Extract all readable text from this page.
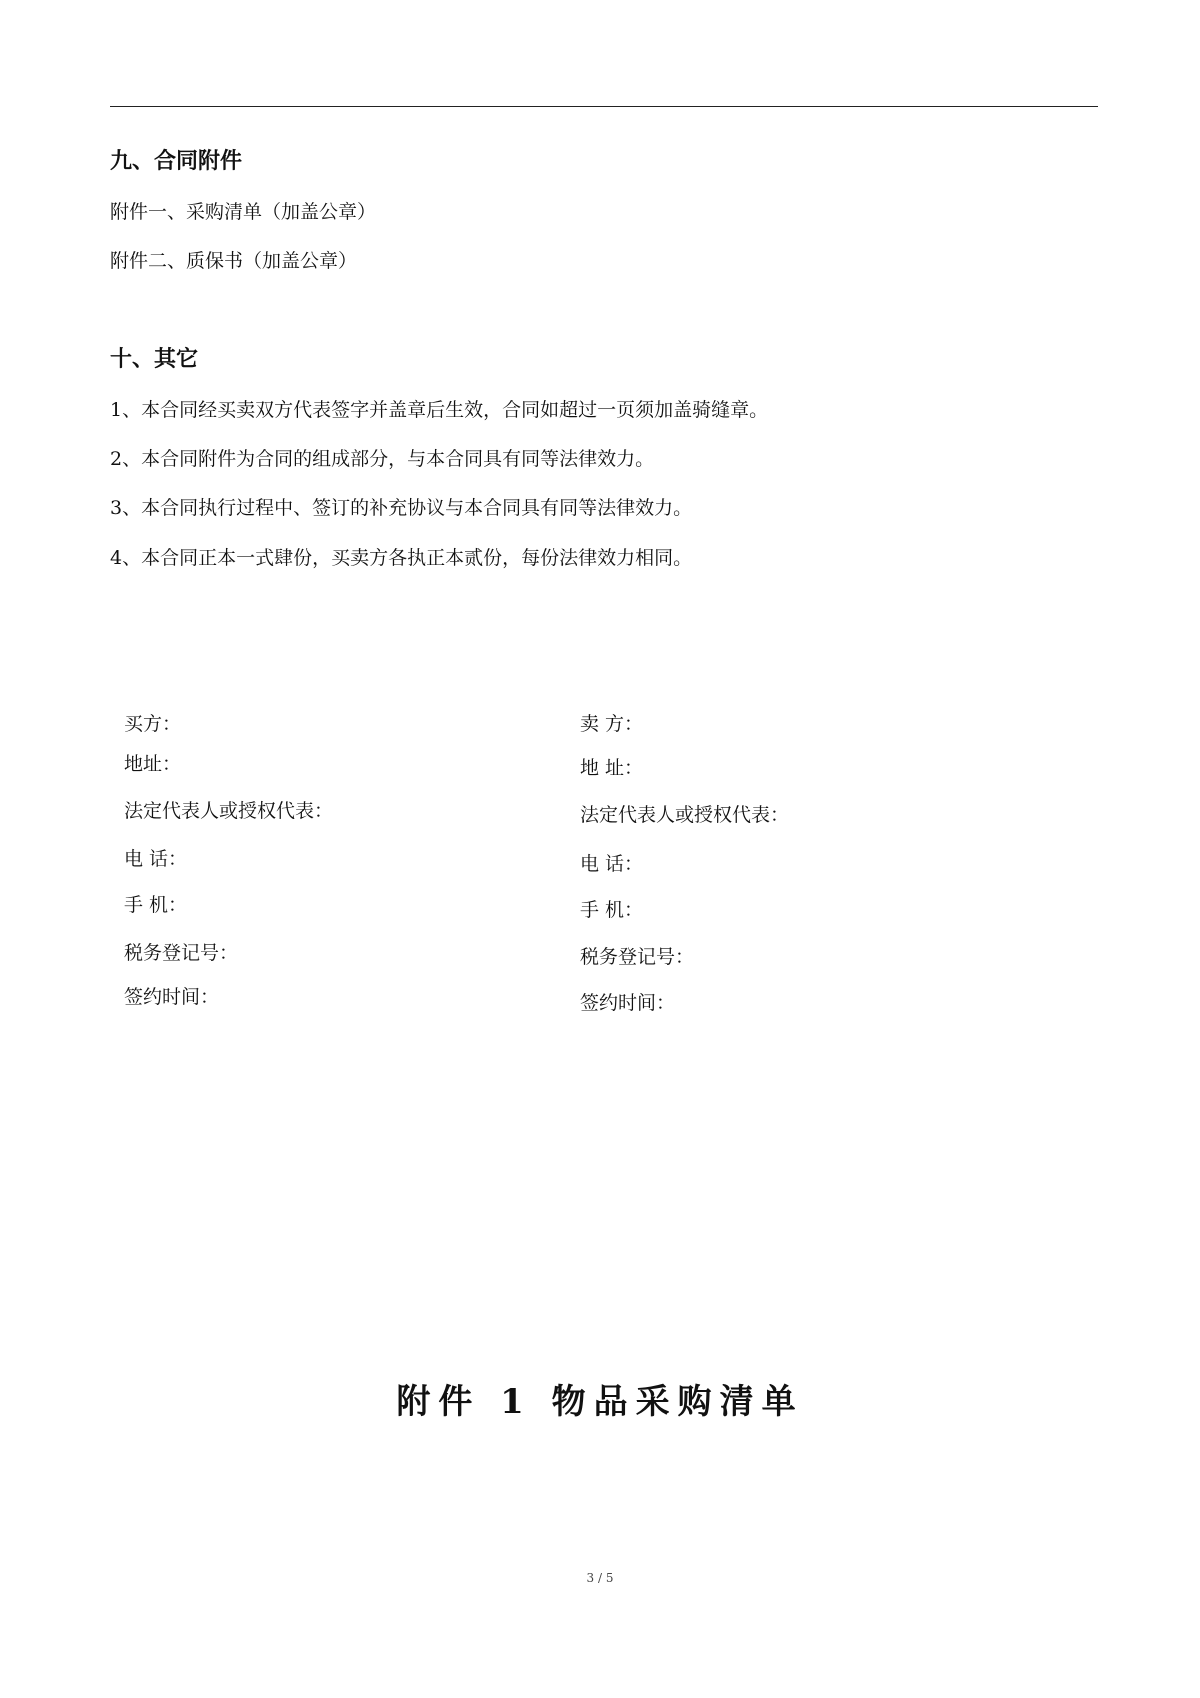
九、合同附件

附件一、采购清单（加盖公章）

附件二、质保书（加盖公章）

十、其它

1、本合同经买卖双方代表签字并盖章后生效，合同如超过一页须加盖骑缝章。

2、本合同附件为合同的组成部分，与本合同具有同等法律效力。

3、本合同执行过程中、签订的补充协议与本合同具有同等法律效力。

4、本合同正本一式肆份，买卖方各执正本贰份，每份法律效力相同。

买方：

地址：

法定代表人或授权代表：

电 话：

手 机：

税务登记号：

签约时间：

卖 方：

地 址：

法定代表人或授权代表：

电 话：

手 机：

税务登记号：

签约时间：

附件 1 物品采购清单
3 / 5
